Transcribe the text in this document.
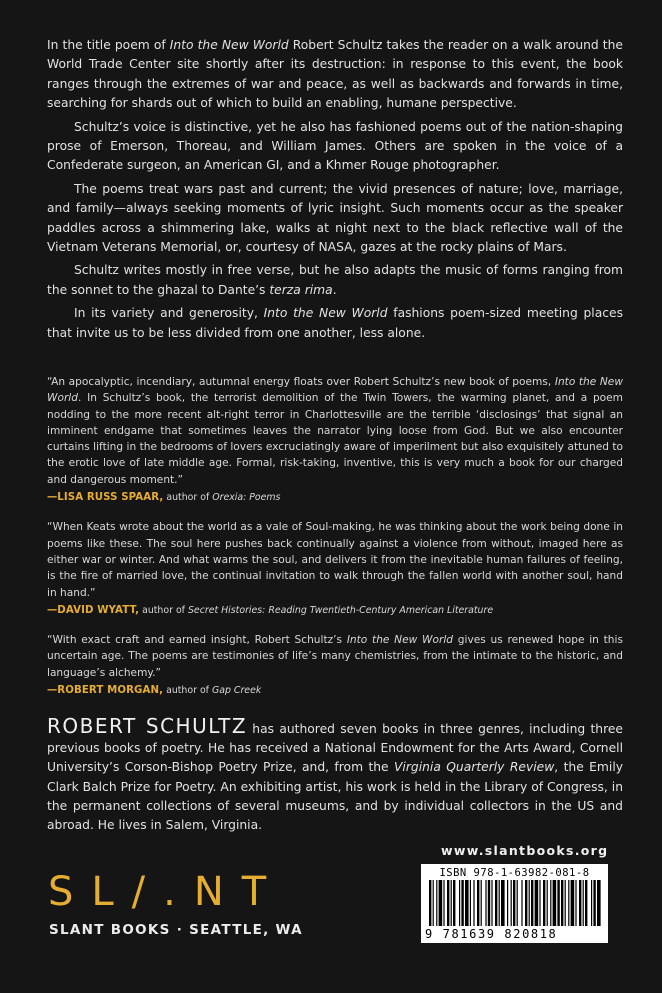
In the title poem of Into the New World Robert Schultz takes the reader on a walk around the World Trade Center site shortly after its destruction: in response to this event, the book ranges through the extremes of war and peace, as well as backwards and forwards in time, searching for shards out of which to build an enabling, humane perspective.

Schultz’s voice is distinctive, yet he also has fashioned poems out of the nation-shaping prose of Emerson, Thoreau, and William James. Others are spoken in the voice of a Confederate surgeon, an American GI, and a Khmer Rouge photographer.

The poems treat wars past and current; the vivid presences of nature; love, marriage, and family—always seeking moments of lyric insight. Such moments occur as the speaker paddles across a shimmering lake, walks at night next to the black reflective wall of the Vietnam Veterans Memorial, or, courtesy of NASA, gazes at the rocky plains of Mars.

Schultz writes mostly in free verse, but he also adapts the music of forms ranging from the sonnet to the ghazal to Dante’s terza rima.

In its variety and generosity, Into the New World fashions poem-sized meeting places that invite us to be less divided from one another, less alone.

“An apocalyptic, incendiary, autumnal energy floats over Robert Schultz’s new book of poems, Into the New World. In Schultz’s book, the terrorist demolition of the Twin Towers, the warming planet, and a poem nodding to the more recent alt-right terror in Charlottesville are the terrible ‘disclosings’ that signal an imminent endgame that sometimes leaves the narrator lying loose from God. But we also encounter curtains lifting in the bedrooms of lovers excruciatingly aware of imperilment but also exquisitely attuned to the erotic love of late middle age. Formal, risk-taking, inventive, this is very much a book for our charged and dangerous moment.”

—LISA RUSS SPAAR, author of Orexia: Poems

“When Keats wrote about the world as a vale of Soul-making, he was thinking about the work being done in poems like these. The soul here pushes back continually against a violence from without, imaged here as either war or winter. And what warms the soul, and delivers it from the inevitable human failures of feeling, is the fire of married love, the continual invitation to walk through the fallen world with another soul, hand in hand.”

—DAVID WYATT, author of Secret Histories: Reading Twentieth-Century American Literature

“With exact craft and earned insight, Robert Schultz’s Into the New World gives us renewed hope in this uncertain age. The poems are testimonies of life’s many chemistries, from the intimate to the historic, and language’s alchemy.”

—ROBERT MORGAN, author of Gap Creek

ROBERT SCHULTZ has authored seven books in three genres, including three previous books of poetry. He has received a National Endowment for the Arts Award, Cornell University’s Corson-Bishop Poetry Prize, and, from the Virginia Quarterly Review, the Emily Clark Balch Prize for Poetry. An exhibiting artist, his work is held in the Library of Congress, in the permanent collections of several museums, and by individual collectors in the US and abroad. He lives in Salem, Virginia.

www.slantbooks.org
SL/.NT
SLANT BOOKS · SEATTLE, WA
ISBN 978-1-63982-081-8
9 781639 820818
